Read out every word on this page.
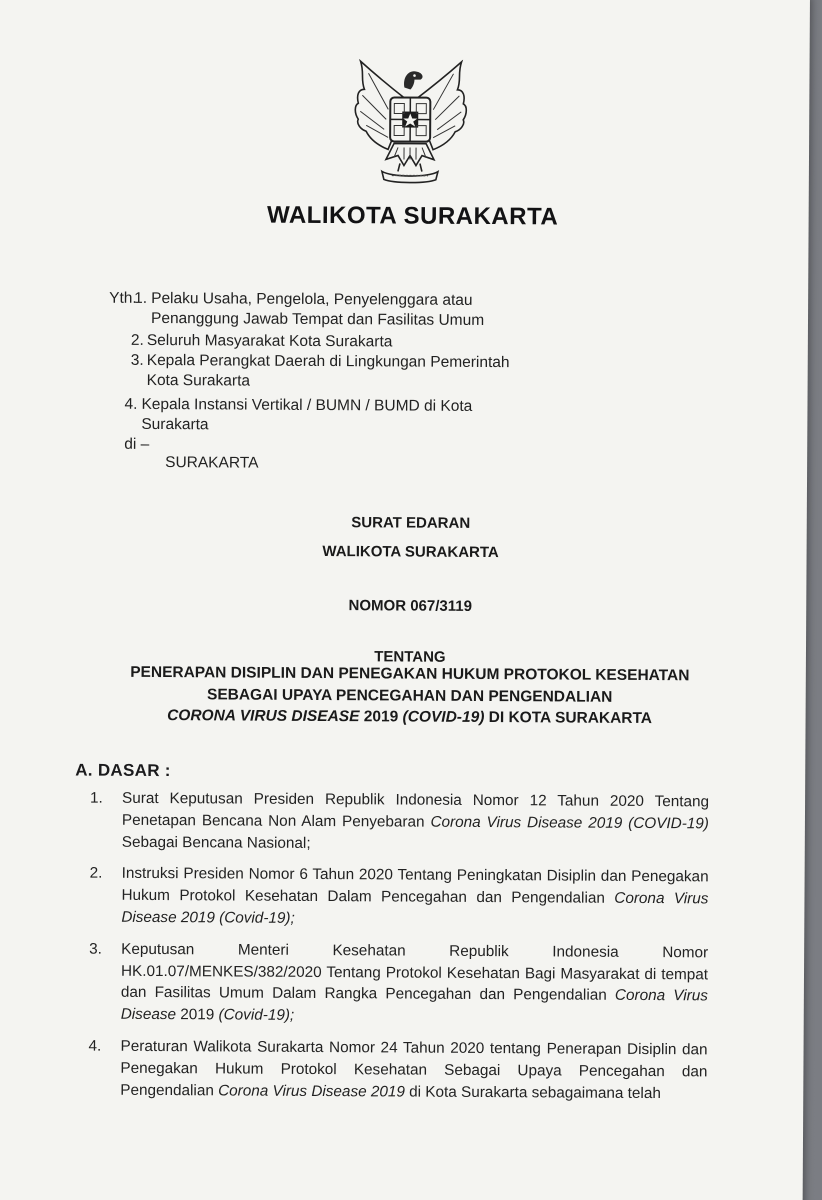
WALIKOTA SURAKARTA
Yth.
1. Pelaku Usaha, Pengelola, Penyelenggara atau
Penanggung Jawab Tempat dan Fasilitas Umum
2. Seluruh Masyarakat Kota Surakarta
3. Kepala Perangkat Daerah di Lingkungan Pemerintah
Kota Surakarta
4. Kepala Instansi Vertikal / BUMN / BUMD di Kota
Surakarta
di –
SURAKARTA
SURAT EDARAN
WALIKOTA SURAKARTA
NOMOR 067/3119
TENTANG
PENERAPAN DISIPLIN DAN PENEGAKAN HUKUM PROTOKOL KESEHATAN
SEBAGAI UPAYA PENCEGAHAN DAN PENGENDALIAN
CORONA VIRUS DISEASE 2019 (COVID-19) DI KOTA SURAKARTA
A. DASAR :
1. Surat Keputusan Presiden Republik Indonesia Nomor 12 Tahun 2020 Tentang Penetapan Bencana Non Alam Penyebaran Corona Virus Disease 2019 (COVID-19) Sebagai Bencana Nasional;
2. Instruksi Presiden Nomor 6 Tahun 2020 Tentang Peningkatan Disiplin dan Penegakan Hukum Protokol Kesehatan Dalam Pencegahan dan Pengendalian Corona Virus Disease 2019 (Covid-19);
3. Keputusan Menteri Kesehatan Republik Indonesia Nomor HK.01.07/MENKES/382/2020 Tentang Protokol Kesehatan Bagi Masyarakat di tempat dan Fasilitas Umum Dalam Rangka Pencegahan dan Pengendalian Corona Virus Disease 2019 (Covid-19);
4. Peraturan Walikota Surakarta Nomor 24 Tahun 2020 tentang Penerapan Disiplin dan Penegakan Hukum Protokol Kesehatan Sebagai Upaya Pencegahan dan Pengendalian Corona Virus Disease 2019 di Kota Surakarta sebagaimana telah
